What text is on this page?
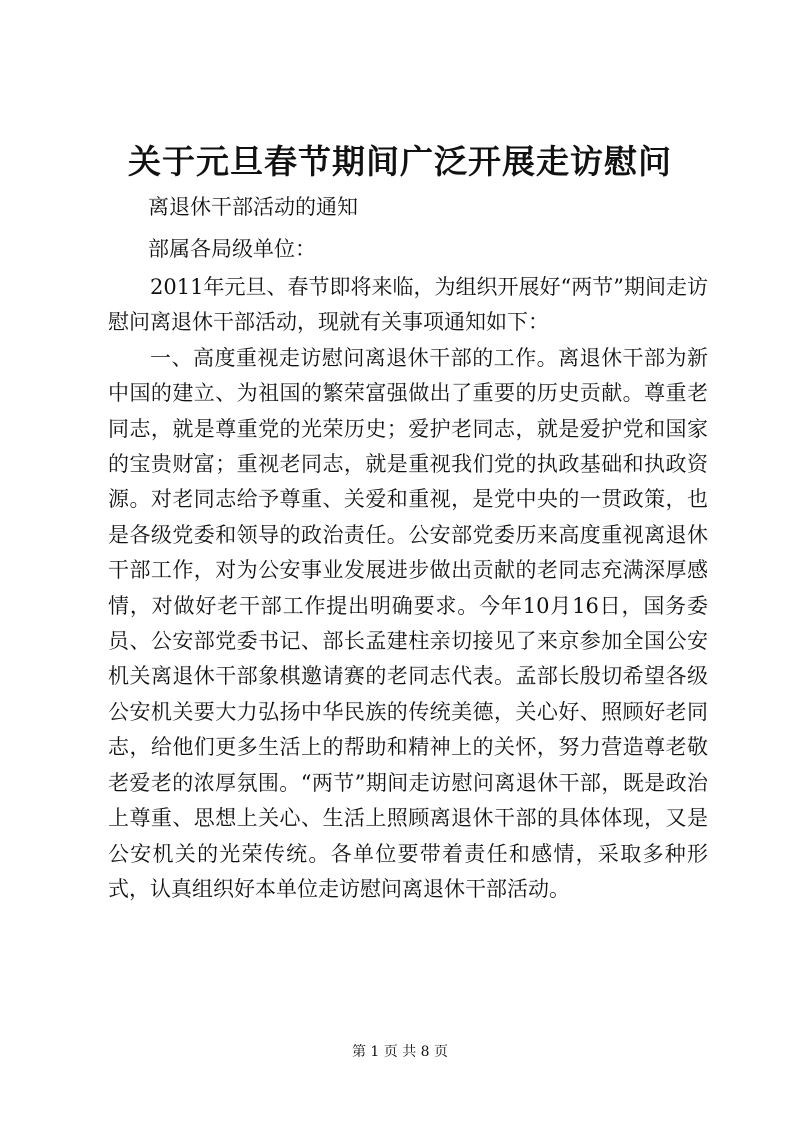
关于元旦春节期间广泛开展走访慰问
离退休干部活动的通知
部属各局级单位：

2011年元旦、春节即将来临，为组织开展好“两节”期间走访慰问离退休干部活动，现就有关事项通知如下：

一、高度重视走访慰问离退休干部的工作。离退休干部为新中国的建立、为祖国的繁荣富强做出了重要的历史贡献。尊重老同志，就是尊重党的光荣历史；爱护老同志，就是爱护党和国家的宝贵财富；重视老同志，就是重视我们党的执政基础和执政资源。对老同志给予尊重、关爱和重视，是党中央的一贯政策，也是各级党委和领导的政治责任。公安部党委历来高度重视离退休干部工作，对为公安事业发展进步做出贡献的老同志充满深厚感情，对做好老干部工作提出明确要求。今年10月16日，国务委员、公安部党委书记、部长孟建柱亲切接见了来京参加全国公安机关离退休干部象棋邀请赛的老同志代表。孟部长殷切希望各级公安机关要大力弘扬中华民族的传统美德，关心好、照顾好老同志，给他们更多生活上的帮助和精神上的关怀，努力营造尊老敬老爱老的浓厚氛围。“两节”期间走访慰问离退休干部，既是政治上尊重、思想上关心、生活上照顾离退休干部的具体体现，又是公安机关的光荣传统。各单位要带着责任和感情，采取多种形式，认真组织好本单位走访慰问离退休干部活动。

第 1 页 共 8 页
